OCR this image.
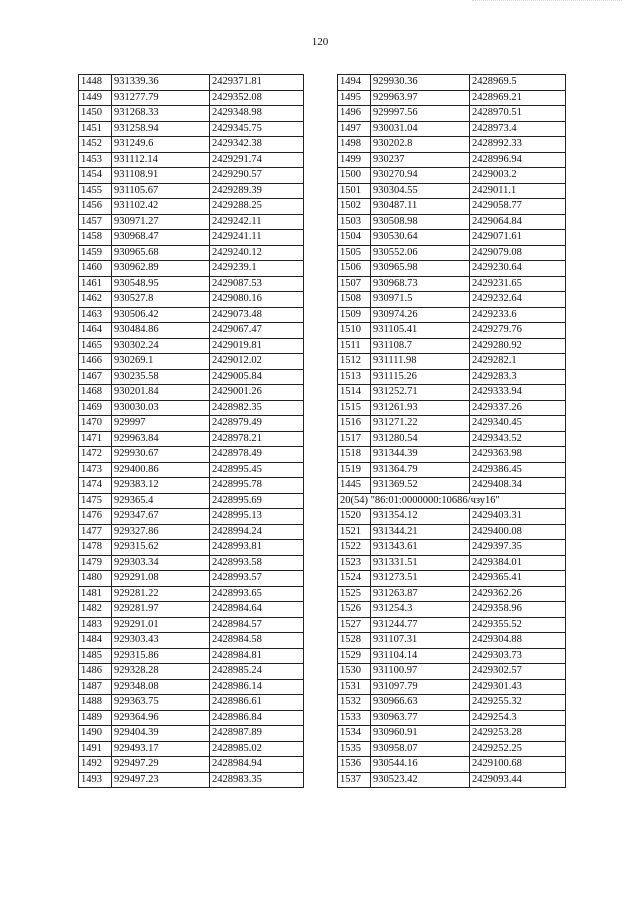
120
1448	931339.36	2429371.81
1449	931277.79	2429352.08
1450	931268.33	2429348.98
1451	931258.94	2429345.75
1452	931249.6	2429342.38
1453	931112.14	2429291.74
1454	931108.91	2429290.57
1455	931105.67	2429289.39
1456	931102.42	2429288.25
1457	930971.27	2429242.11
1458	930968.47	2429241.11
1459	930965.68	2429240.12
1460	930962.89	2429239.1
1461	930548.95	2429087.53
1462	930527.8	2429080.16
1463	930506.42	2429073.48
1464	930484.86	2429067.47
1465	930302.24	2429019.81
1466	930269.1	2429012.02
1467	930235.58	2429005.84
1468	930201.84	2429001.26
1469	930030.03	2428982.35
1470	929997	2428979.49
1471	929963.84	2428978.21
1472	929930.67	2428978.49
1473	929400.86	2428995.45
1474	929383.12	2428995.78
1475	929365.4	2428995.69
1476	929347.67	2428995.13
1477	929327.86	2428994.24
1478	929315.62	2428993.81
1479	929303.34	2428993.58
1480	929291.08	2428993.57
1481	929281.22	2428993.65
1482	929281.97	2428984.64
1483	929291.01	2428984.57
1484	929303.43	2428984.58
1485	929315.86	2428984.81
1486	929328.28	2428985.24
1487	929348.08	2428986.14
1488	929363.75	2428986.61
1489	929364.96	2428986.84
1490	929404.39	2428987.89
1491	929493.17	2428985.02
1492	929497.29	2428984.94
1493	929497.23	2428983.35
1494	929930.36	2428969.5
1495	929963.97	2428969.21
1496	929997.56	2428970.51
1497	930031.04	2428973.4
1498	930202.8	2428992.33
1499	930237	2428996.94
1500	930270.94	2429003.2
1501	930304.55	2429011.1
1502	930487.11	2429058.77
1503	930508.98	2429064.84
1504	930530.64	2429071.61
1505	930552.06	2429079.08
1506	930965.98	2429230.64
1507	930968.73	2429231.65
1508	930971.5	2429232.64
1509	930974.26	2429233.6
1510	931105.41	2429279.76
1511	931108.7	2429280.92
1512	931111.98	2429282.1
1513	931115.26	2429283.3
1514	931252.71	2429333.94
1515	931261.93	2429337.26
1516	931271.22	2429340.45
1517	931280.54	2429343.52
1518	931344.39	2429363.98
1519	931364.79	2429386.45
1445	931369.52	2429408.34
20(54) "86:01:0000000:10686/чзу16"		
1520	931354.12	2429403.31
1521	931344.21	2429400.08
1522	931343.61	2429397.35
1523	931331.51	2429384.01
1524	931273.51	2429365.41
1525	931263.87	2429362.26
1526	931254.3	2429358.96
1527	931244.77	2429355.52
1528	931107.31	2429304.88
1529	931104.14	2429303.73
1530	931100.97	2429302.57
1531	931097.79	2429301.43
1532	930966.63	2429255.32
1533	930963.77	2429254.3
1534	930960.91	2429253.28
1535	930958.07	2429252.25
1536	930544.16	2429100.68
1537	930523.42	2429093.44
